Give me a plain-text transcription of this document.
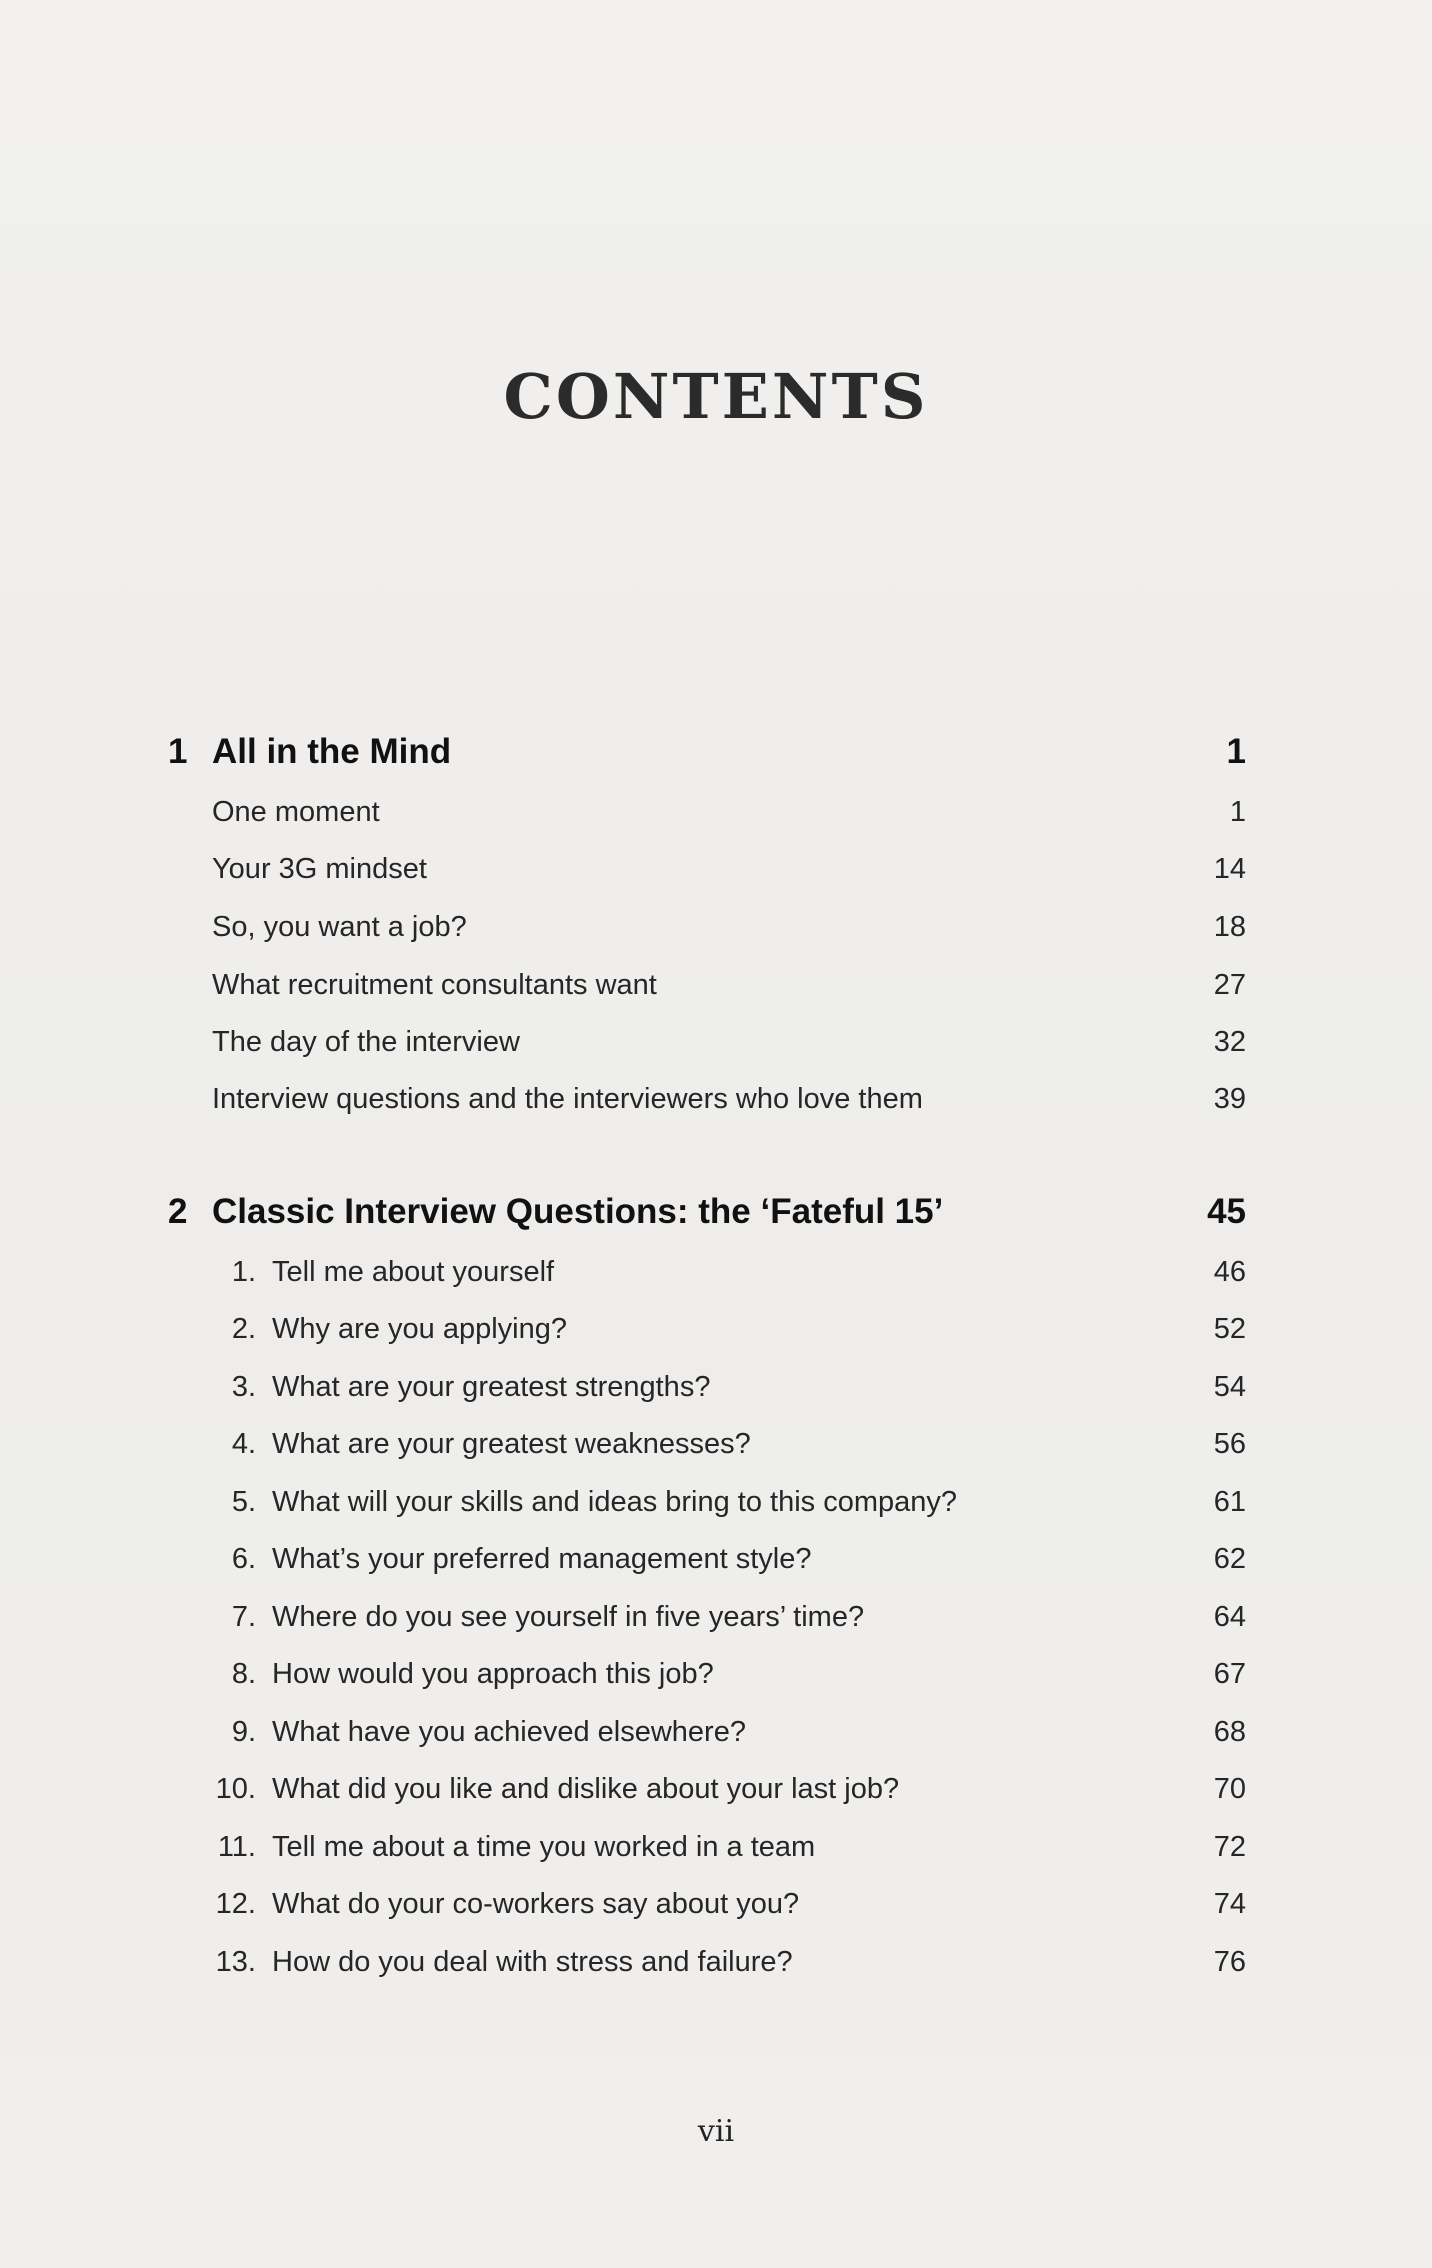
CONTENTS
1 All in the Mind	1
One moment	1
Your 3G mindset	14
So, you want a job?	18
What recruitment consultants want	27
The day of the interview	32
Interview questions and the interviewers who love them	39
2 Classic Interview Questions: the ‘Fateful 15’	45
1. Tell me about yourself	46
2. Why are you applying?	52
3. What are your greatest strengths?	54
4. What are your greatest weaknesses?	56
5. What will your skills and ideas bring to this company?	61
6. What’s your preferred management style?	62
7. Where do you see yourself in five years’ time?	64
8. How would you approach this job?	67
9. What have you achieved elsewhere?	68
10. What did you like and dislike about your last job?	70
11. Tell me about a time you worked in a team	72
12. What do your co-workers say about you?	74
13. How do you deal with stress and failure?	76
vii
